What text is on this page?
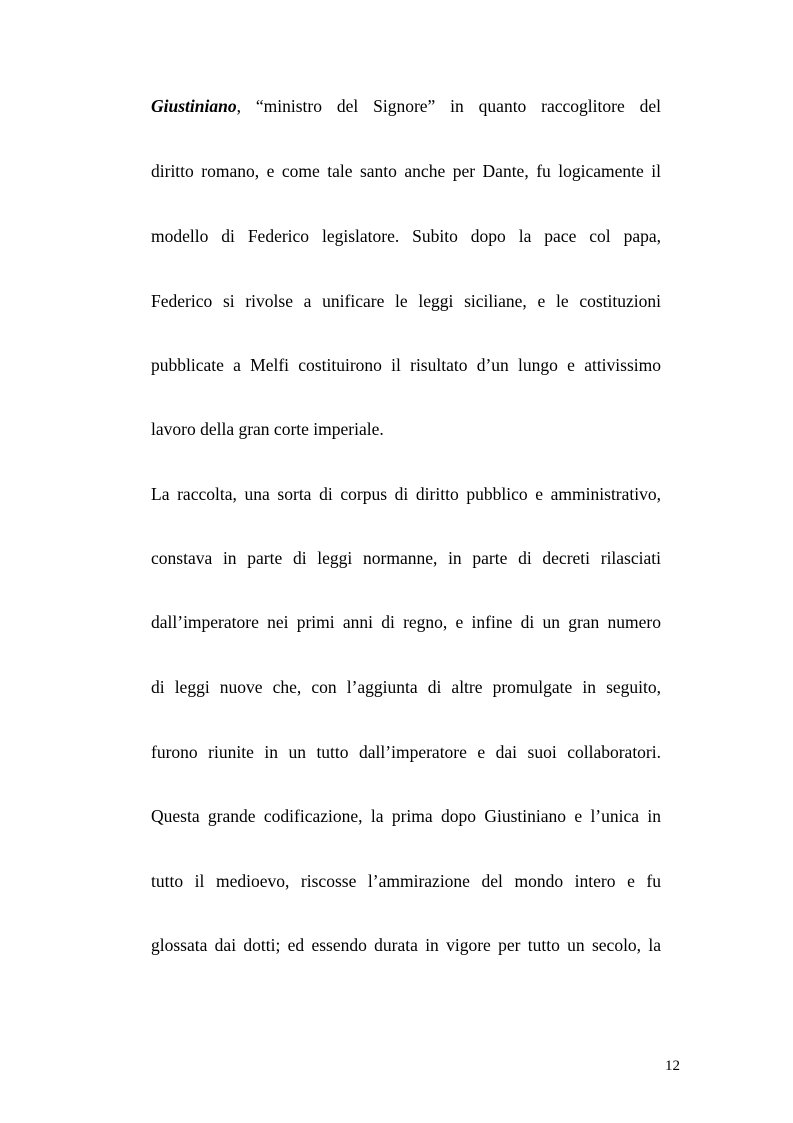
Giustiniano, “ministro del Signore” in quanto raccoglitore del

diritto romano, e come tale santo anche per Dante, fu logicamente il

modello di Federico legislatore. Subito dopo la pace col papa,

Federico si rivolse a unificare le leggi siciliane, e le costituzioni

pubblicate a Melfi costituirono il risultato d’un lungo e attivissimo

lavoro della gran corte imperiale.

La raccolta, una sorta di corpus di diritto pubblico e amministrativo,

constava in parte di leggi normanne, in parte di decreti rilasciati

dall’imperatore nei primi anni di regno, e infine di un gran numero

di leggi nuove che, con l’aggiunta di altre promulgate in seguito,

furono riunite in un tutto dall’imperatore e dai suoi collaboratori.

Questa grande codificazione, la prima dopo Giustiniano e l’unica in

tutto il medioevo, riscosse l’ammirazione del mondo intero e fu

glossata dai dotti; ed essendo durata in vigore per tutto un secolo, la

12
